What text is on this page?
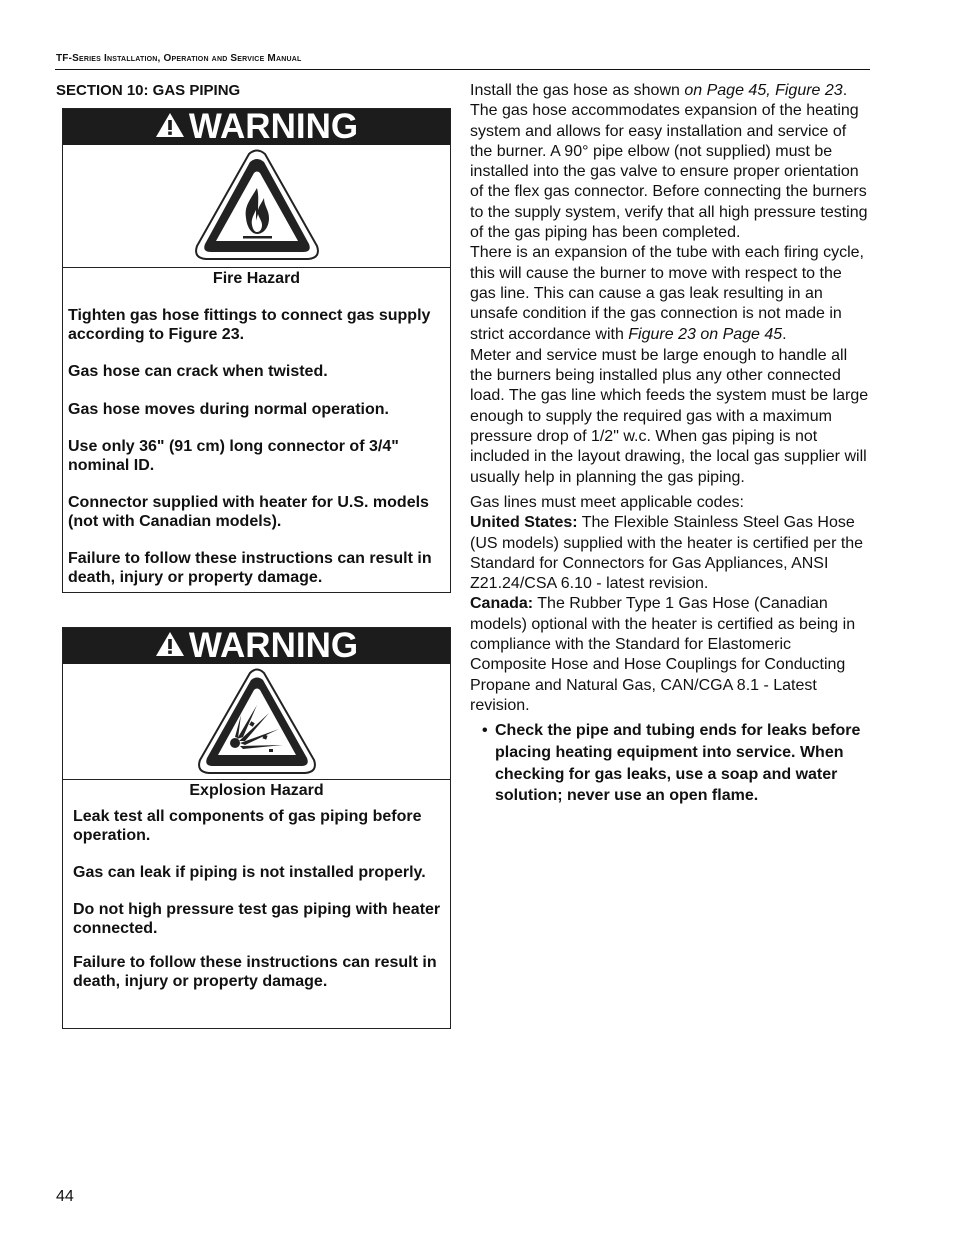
TF-Series Installation, Operation and Service Manual
SECTION 10: GAS PIPING
WARNING
Fire Hazard

Tighten gas hose fittings to connect gas supply according to Figure 23.

Gas hose can crack when twisted.

Gas hose moves during normal operation.

Use only 36" (91 cm) long connector of 3/4" nominal ID.

Connector supplied with heater for U.S. models (not with Canadian models).

Failure to follow these instructions can result in death, injury or property damage.

WARNING
Explosion Hazard

Leak test all components of gas piping before operation.

Gas can leak if piping is not installed properly.

Do not high pressure test gas piping with heater connected.

Failure to follow these instructions can result in death, injury or property damage.

Install the gas hose as shown on Page 45, Figure 23. The gas hose accommodates expansion of the heating system and allows for easy installation and service of the burner. A 90° pipe elbow (not supplied) must be installed into the gas valve to ensure proper orientation of the flex gas connector. Before connecting the burners to the supply system, verify that all high pressure testing of the gas piping has been completed.

There is an expansion of the tube with each firing cycle, this will cause the burner to move with respect to the gas line. This can cause a gas leak resulting in an unsafe condition if the gas connection is not made in strict accordance with Figure 23 on Page 45.

Meter and service must be large enough to handle all the burners being installed plus any other connected load. The gas line which feeds the system must be large enough to supply the required gas with a maximum pressure drop of 1/2" w.c. When gas piping is not included in the layout drawing, the local gas supplier will usually help in planning the gas piping.

Gas lines must meet applicable codes:

United States: The Flexible Stainless Steel Gas Hose (US models) supplied with the heater is certified per the Standard for Connectors for Gas Appliances, ANSI Z21.24/CSA 6.10 - latest revision.

Canada: The Rubber Type 1 Gas Hose (Canadian models) optional with the heater is certified as being in compliance with the Standard for Elastomeric Composite Hose and Hose Couplings for Conducting Propane and Natural Gas, CAN/CGA 8.1 - Latest revision.

• Check the pipe and tubing ends for leaks before placing heating equipment into service. When checking for gas leaks, use a soap and water solution; never use an open flame.
44
